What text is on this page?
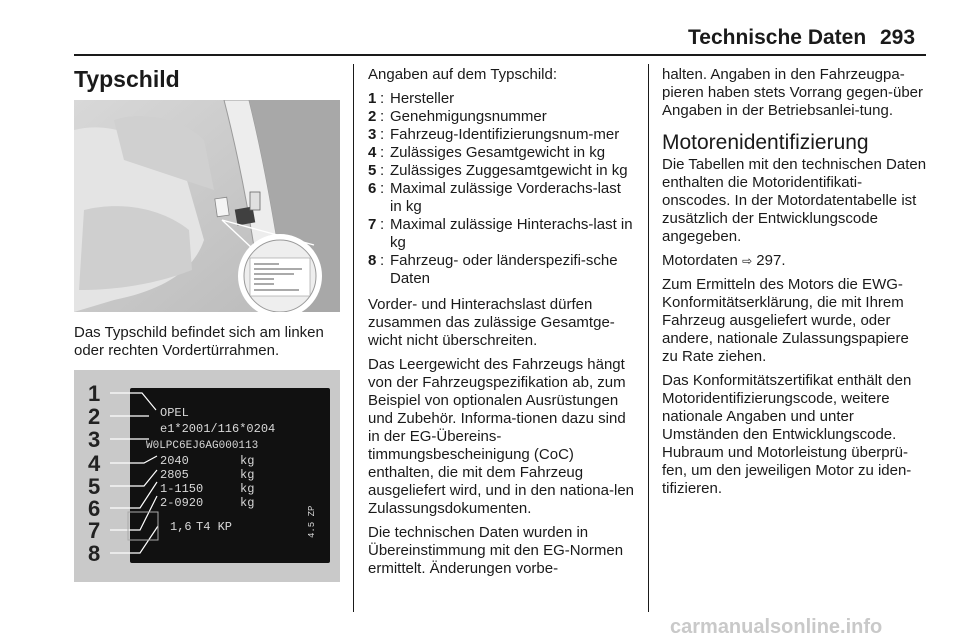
Technische Daten 293
Typschild
Das Typschild befindet sich am linken oder rechten Vordertürrahmen.
1
2
3
4
5
6
7
8
OPEL
e1*2001/116*0204
W0LPC6EJ6AG000113
2040	kg
2805	kg
1-1150	kg
2-0920	kg
1,6 T4 KP	4.5 ZP

Angaben auf dem Typschild:

1 : Hersteller
2 : Genehmigungsnummer
3 : Fahrzeug-Identifizierungsnum-mer
4 : Zulässiges Gesamtgewicht in kg
5 : Zulässiges Zuggesamtgewicht in kg
6 : Maximal zulässige Vorderachs-last in kg
7 : Maximal zulässige Hinterachs-last in kg
8 : Fahrzeug- oder länderspezifi-sche Daten

Vorder- und Hinterachslast dürfen zusammen das zulässige Gesamtge-wicht nicht überschreiten.

Das Leergewicht des Fahrzeugs hängt von der Fahrzeugspezifikation ab, zum Beispiel von optionalen Ausrüstungen und Zubehör. Informa-tionen dazu sind in der EG-Übereins-timmungsbescheinigung (CoC) enthalten, die mit dem Fahrzeug ausgeliefert wird, und in den nationa-len Zulassungsdokumenten.

Die technischen Daten wurden in Übereinstimmung mit den EG-Normen ermittelt. Änderungen vorbe-

halten. Angaben in den Fahrzeugpa-pieren haben stets Vorrang gegen-über Angaben in der Betriebsanlei-tung.

Motorenidentifizierung

Die Tabellen mit den technischen Daten enthalten die Motoridentifikati-onscodes. In der Motordatentabelle ist zusätzlich der Entwicklungscode angegeben.

Motordaten ⇨ 297.

Zum Ermitteln des Motors die EWG-Konformitätserklärung, die mit Ihrem Fahrzeug ausgeliefert wurde, oder andere, nationale Zulassungspapiere zu Rate ziehen.

Das Konformitätszertifikat enthält den Motoridentifizierungscode, weitere nationale Angaben und unter Umständen den Entwicklungscode. Hubraum und Motorleistung überprü-fen, um den jeweiligen Motor zu iden-tifizieren.

carmanualsonline.info
